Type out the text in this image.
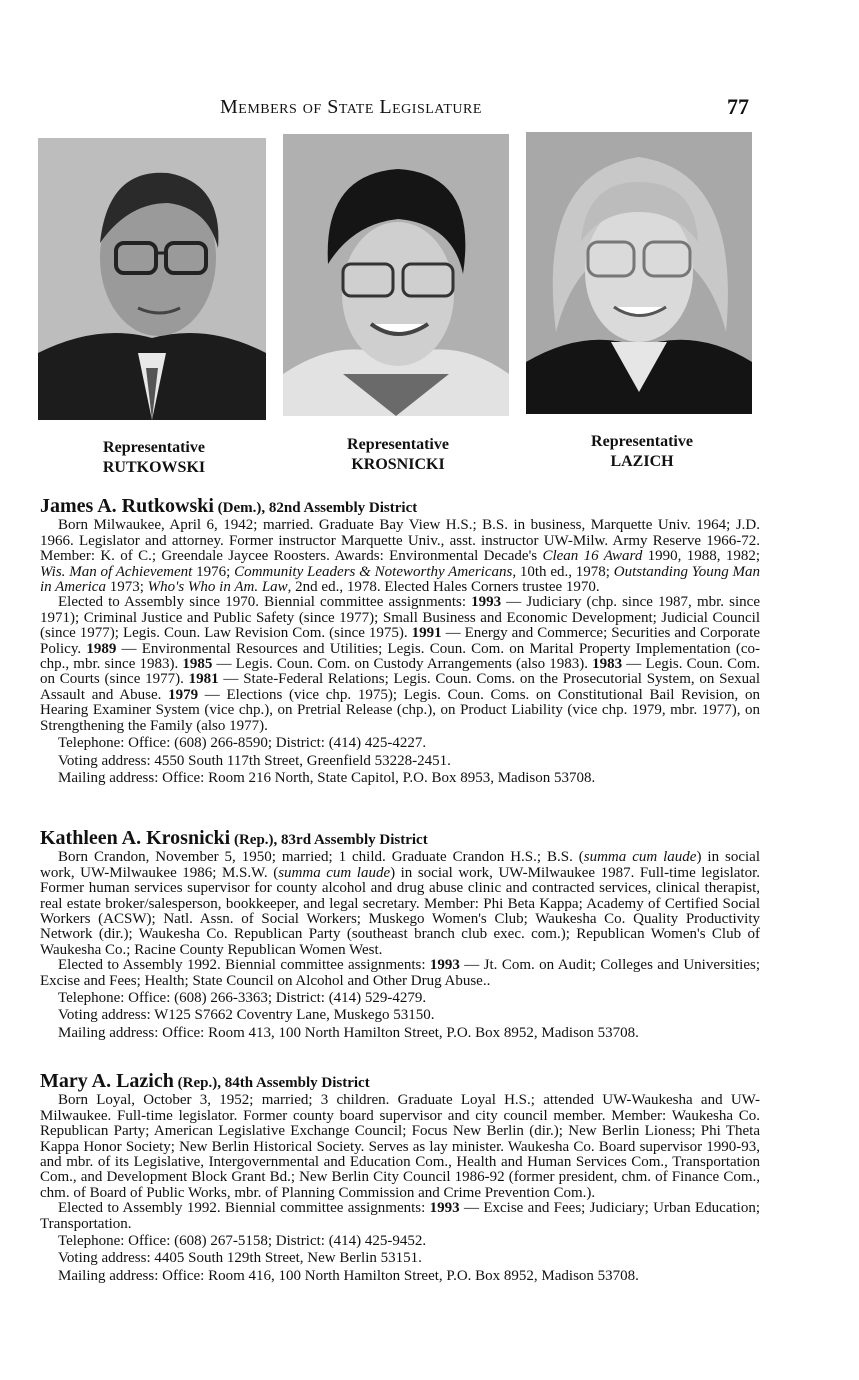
Members of State Legislature	77
Representative
RUTKOWSKI
Representative
KROSNICKI
Representative
LAZICH
James A. Rutkowski (Dem.), 82nd Assembly District

Born Milwaukee, April 6, 1942; married. Graduate Bay View H.S.; B.S. in business, Marquette Univ. 1964; J.D. 1966. Legislator and attorney. Former instructor Marquette Univ., asst. instructor UW-Milw. Army Reserve 1966-72. Member: K. of C.; Greendale Jaycee Roosters. Awards: Environmental Decade's Clean 16 Award 1990, 1988, 1982; Wis. Man of Achievement 1976; Community Leaders & Noteworthy Americans, 10th ed., 1978; Outstanding Young Man in America 1973; Who's Who in Am. Law, 2nd ed., 1978. Elected Hales Corners trustee 1970.

Elected to Assembly since 1970. Biennial committee assignments: 1993 — Judiciary (chp. since 1987, mbr. since 1971); Criminal Justice and Public Safety (since 1977); Small Business and Economic Development; Judicial Council (since 1977); Legis. Coun. Law Revision Com. (since 1975). 1991 — Energy and Commerce; Securities and Corporate Policy. 1989 — Environmental Resources and Utilities; Legis. Coun. Com. on Marital Property Implementation (co-chp., mbr. since 1983). 1985 — Legis. Coun. Com. on Custody Arrangements (also 1983). 1983 — Legis. Coun. Com. on Courts (since 1977). 1981 — State-Federal Relations; Legis. Coun. Coms. on the Prosecutorial System, on Sexual Assault and Abuse. 1979 — Elections (vice chp. 1975); Legis. Coun. Coms. on Constitutional Bail Revision, on Hearing Examiner System (vice chp.), on Pretrial Release (chp.), on Product Liability (vice chp. 1979, mbr. 1977), on Strengthening the Family (also 1977).

Telephone: Office: (608) 266-8590; District: (414) 425-4227.

Voting address: 4550 South 117th Street, Greenfield 53228-2451.

Mailing address: Office: Room 216 North, State Capitol, P.O. Box 8953, Madison 53708.

Kathleen A. Krosnicki (Rep.), 83rd Assembly District

Born Crandon, November 5, 1950; married; 1 child. Graduate Crandon H.S.; B.S. (summa cum laude) in social work, UW-Milwaukee 1986; M.S.W. (summa cum laude) in social work, UW-Milwaukee 1987. Full-time legislator. Former human services supervisor for county alcohol and drug abuse clinic and contracted services, clinical therapist, real estate broker/salesperson, bookkeeper, and legal secretary. Member: Phi Beta Kappa; Academy of Certified Social Workers (ACSW); Natl. Assn. of Social Workers; Muskego Women's Club; Waukesha Co. Quality Productivity Network (dir.); Waukesha Co. Republican Party (southeast branch club exec. com.); Republican Women's Club of Waukesha Co.; Racine County Republican Women West.

Elected to Assembly 1992. Biennial committee assignments: 1993 — Jt. Com. on Audit; Colleges and Universities; Excise and Fees; Health; State Council on Alcohol and Other Drug Abuse..

Telephone: Office: (608) 266-3363; District: (414) 529-4279.

Voting address: W125 S7662 Coventry Lane, Muskego 53150.

Mailing address: Office: Room 413, 100 North Hamilton Street, P.O. Box 8952, Madison 53708.

Mary A. Lazich (Rep.), 84th Assembly District

Born Loyal, October 3, 1952; married; 3 children. Graduate Loyal H.S.; attended UW-Waukesha and UW-Milwaukee. Full-time legislator. Former county board supervisor and city council member. Member: Waukesha Co. Republican Party; American Legislative Exchange Council; Focus New Berlin (dir.); New Berlin Lioness; Phi Theta Kappa Honor Society; New Berlin Historical Society. Serves as lay minister. Waukesha Co. Board supervisor 1990-93, and mbr. of its Legislative, Intergovernmental and Education Com., Health and Human Services Com., Transportation Com., and Development Block Grant Bd.; New Berlin City Council 1986-92 (former president, chm. of Finance Com., chm. of Board of Public Works, mbr. of Planning Commission and Crime Prevention Com.).

Elected to Assembly 1992. Biennial committee assignments: 1993 — Excise and Fees; Judiciary; Urban Education; Transportation.

Telephone: Office: (608) 267-5158; District: (414) 425-9452.

Voting address: 4405 South 129th Street, New Berlin 53151.

Mailing address: Office: Room 416, 100 North Hamilton Street, P.O. Box 8952, Madison 53708.
